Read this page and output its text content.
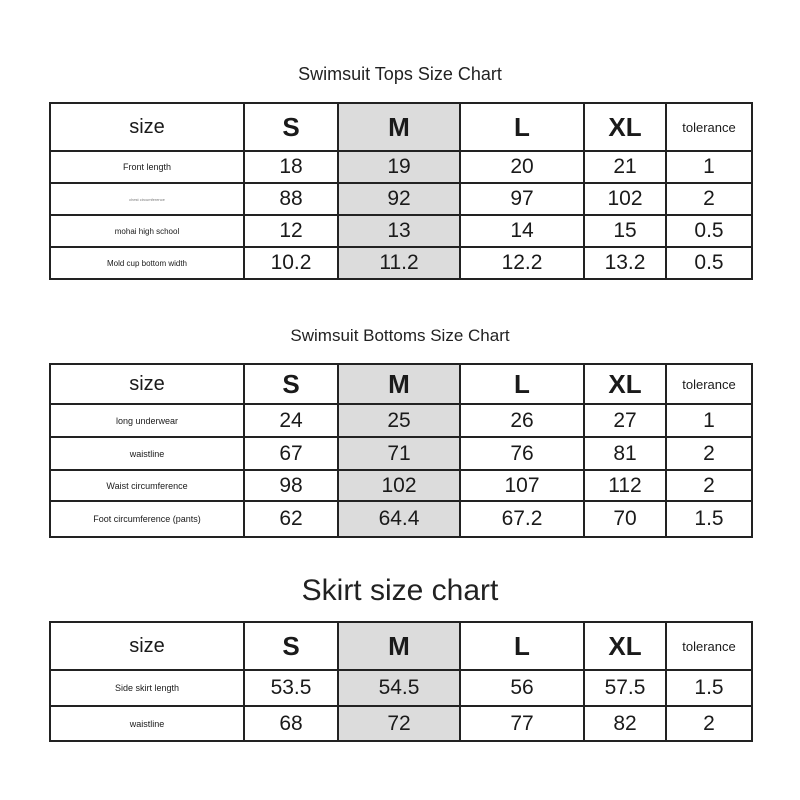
Swimsuit Tops Size Chart
size	S	M	L	XL	tolerance
Front length	18	19	20	21	1
chest circumference	88	92	97	102	2
mohai high school	12	13	14	15	0.5
Mold cup bottom width	10.2	11.2	12.2	13.2	0.5
Swimsuit Bottoms Size Chart
size	S	M	L	XL	tolerance
long underwear	24	25	26	27	1
waistline	67	71	76	81	2
Waist circumference	98	102	107	112	2
Foot circumference (pants)	62	64.4	67.2	70	1.5
Skirt size chart
size	S	M	L	XL	tolerance
Side skirt length	53.5	54.5	56	57.5	1.5
waistline	68	72	77	82	2
